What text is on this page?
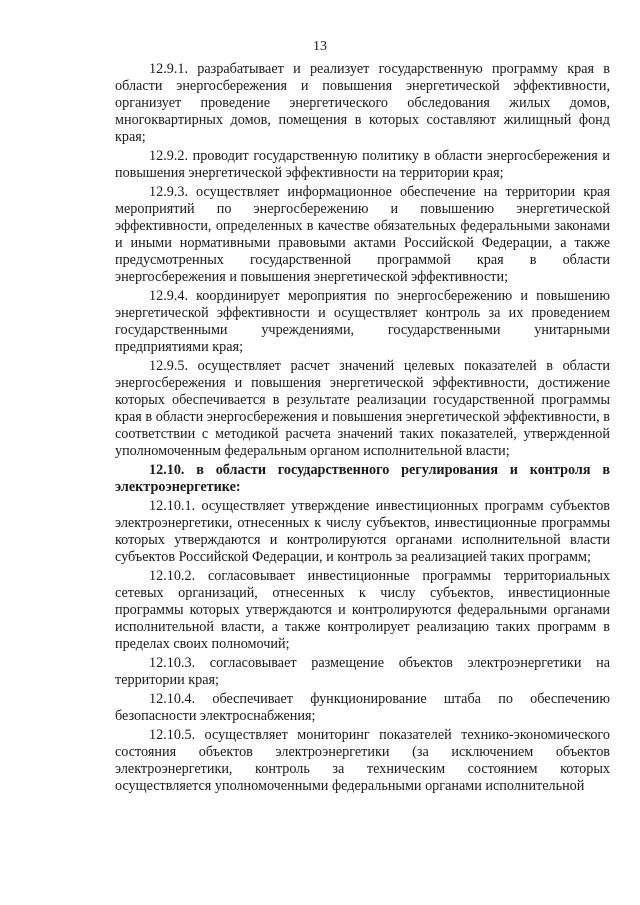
13

12.9.1. разрабатывает и реализует государственную программу края в области энергосбережения и повышения энергетической эффективности, организует проведение энергетического обследования жилых домов, многоквартирных домов, помещения в которых составляют жилищный фонд края;

12.9.2. проводит государственную политику в области энергосбережения и повышения энергетической эффективности на территории края;

12.9.3. осуществляет информационное обеспечение на территории края мероприятий по энергосбережению и повышению энергетической эффективности, определенных в качестве обязательных федеральными законами и иными нормативными правовыми актами Российской Федерации, а также предусмотренных государственной программой края в области энергосбережения и повышения энергетической эффективности;

12.9.4. координирует мероприятия по энергосбережению и повышению энергетической эффективности и осуществляет контроль за их проведением государственными учреждениями, государственными унитарными предприятиями края;

12.9.5. осуществляет расчет значений целевых показателей в области энергосбережения и повышения энергетической эффективности, достижение которых обеспечивается в результате реализации государственной программы края в области энергосбережения и повышения энергетической эффективности, в соответствии с методикой расчета значений таких показателей, утвержденной уполномоченным федеральным органом исполнительной власти;

12.10. в области государственного регулирования и контроля в электроэнергетике:

12.10.1. осуществляет утверждение инвестиционных программ субъектов электроэнергетики, отнесенных к числу субъектов, инвестиционные программы которых утверждаются и контролируются органами исполнительной власти субъектов Российской Федерации, и контроль за реализацией таких программ;

12.10.2. согласовывает инвестиционные программы территориальных сетевых организаций, отнесенных к числу субъектов, инвестиционные программы которых утверждаются и контролируются федеральными органами исполнительной власти, а также контролирует реализацию таких программ в пределах своих полномочий;

12.10.3. согласовывает размещение объектов электроэнергетики на территории края;

12.10.4. обеспечивает функционирование штаба по обеспечению безопасности электроснабжения;

12.10.5. осуществляет мониторинг показателей технико-экономического состояния объектов электроэнергетики (за исключением объектов электроэнергетики, контроль за техническим состоянием которых осуществляется уполномоченными федеральными органами исполнительной
